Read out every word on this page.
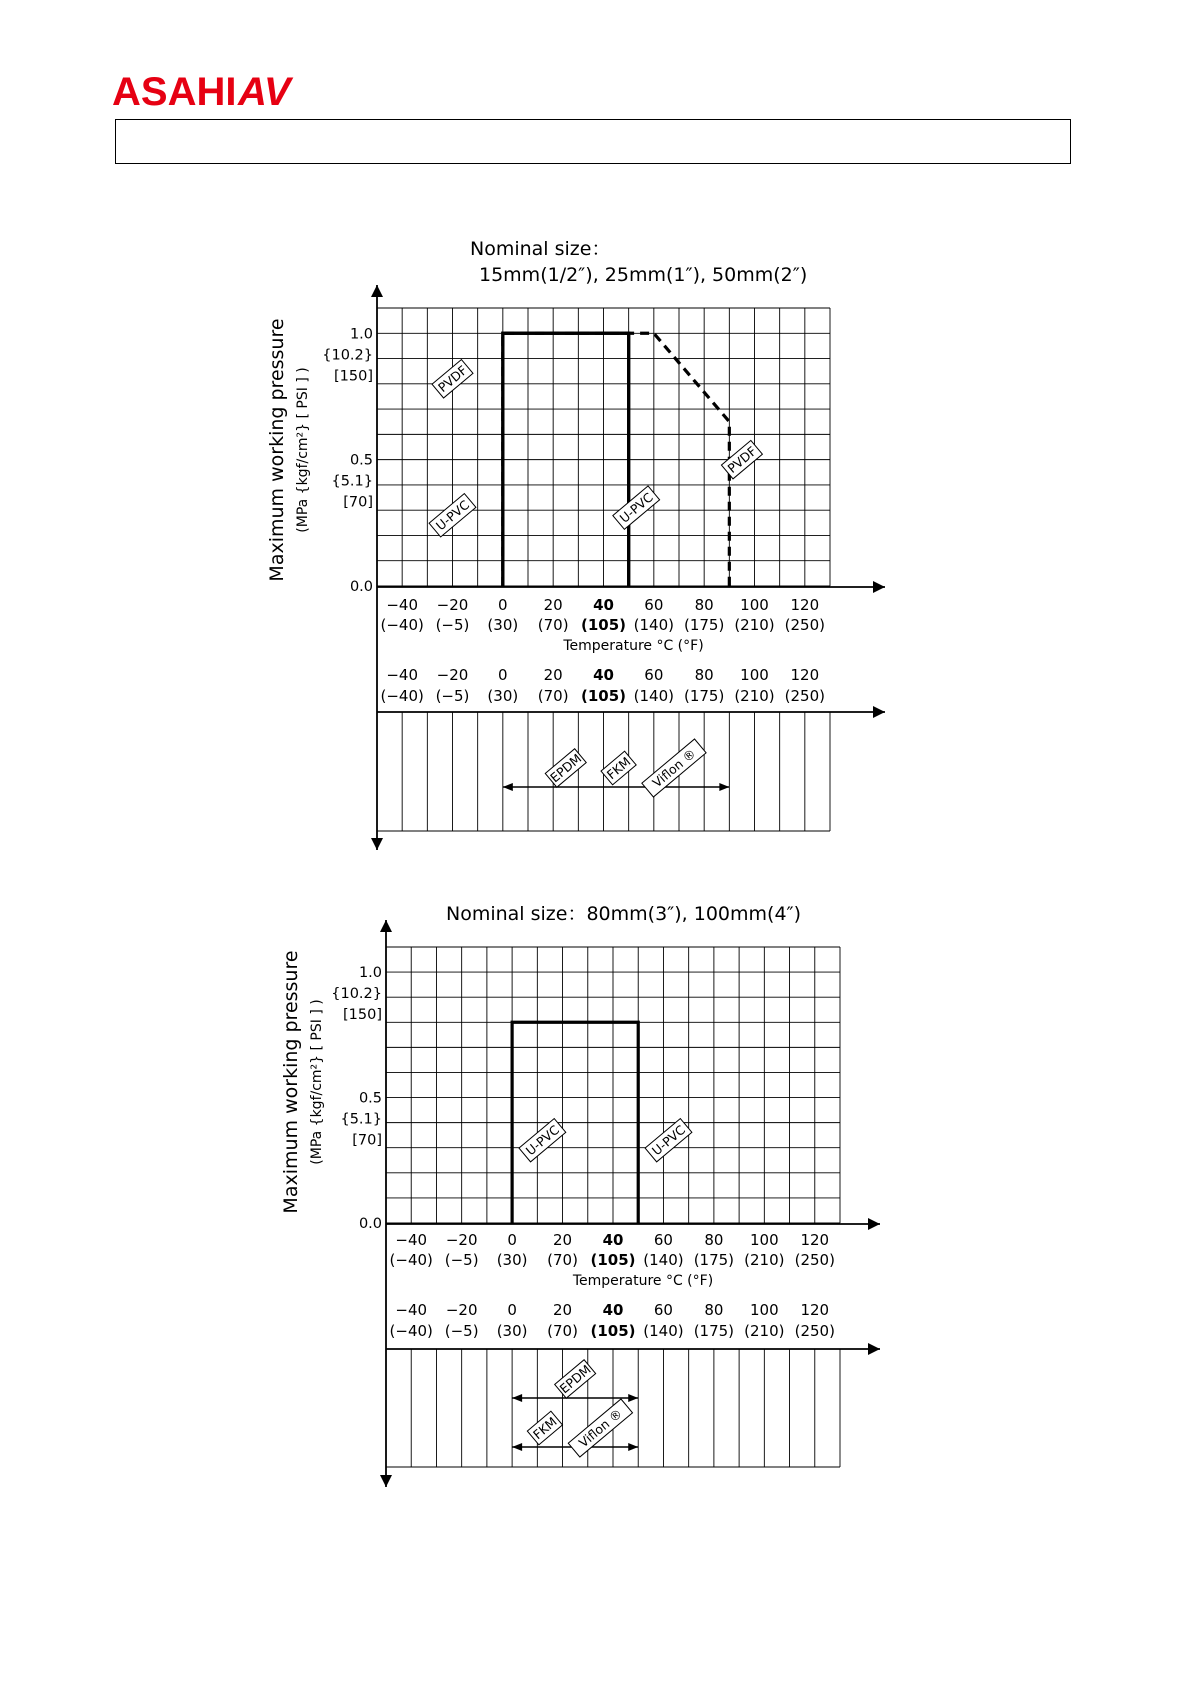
ASAHI AV
Nominal size：
15mm(1/2″), 25mm(1″), 50mm(2″)
−40
(−40)
−40
(−40)
−20
(−5)
−20
(−5)
0
(30)
0
(30)
20
(70)
20
(70)
40
(105)
40
(105)
60
(140)
60
(140)
80
(175)
80
(175)
100
(210)
100
(210)
120
(250)
120
(250)
Temperature °C (°F)
1.0
{10.2}
[150]
0.5
{5.1}
[70]
0.0
Maximum working pressure (MPa {kgf/cm²} [ PSI ] )	PVDF
U-PVC	U-PVC
PVDF
EPDM FKM Viflon ®
Nominal size：80mm(3″), 100mm(4″)
−40
(−40)
−40
(−40)
−20
(−5)
−20
(−5)
0
(30)
0
(30)
20
(70)
20
(70)
40
(105)
40
(105)
60
(140)
60
(140)
80
(175)
80
(175)
100
(210)
100
(210)
120
(250)
120
(250)
Temperature °C (°F)
1.0
{10.2}
[150]
0.5
{5.1}
[70]
0.0
Maximum working pressure (MPa {kgf/cm²} [ PSI ] )	U-PVC	U-PVC
EPDM
FKM Viflon ®
